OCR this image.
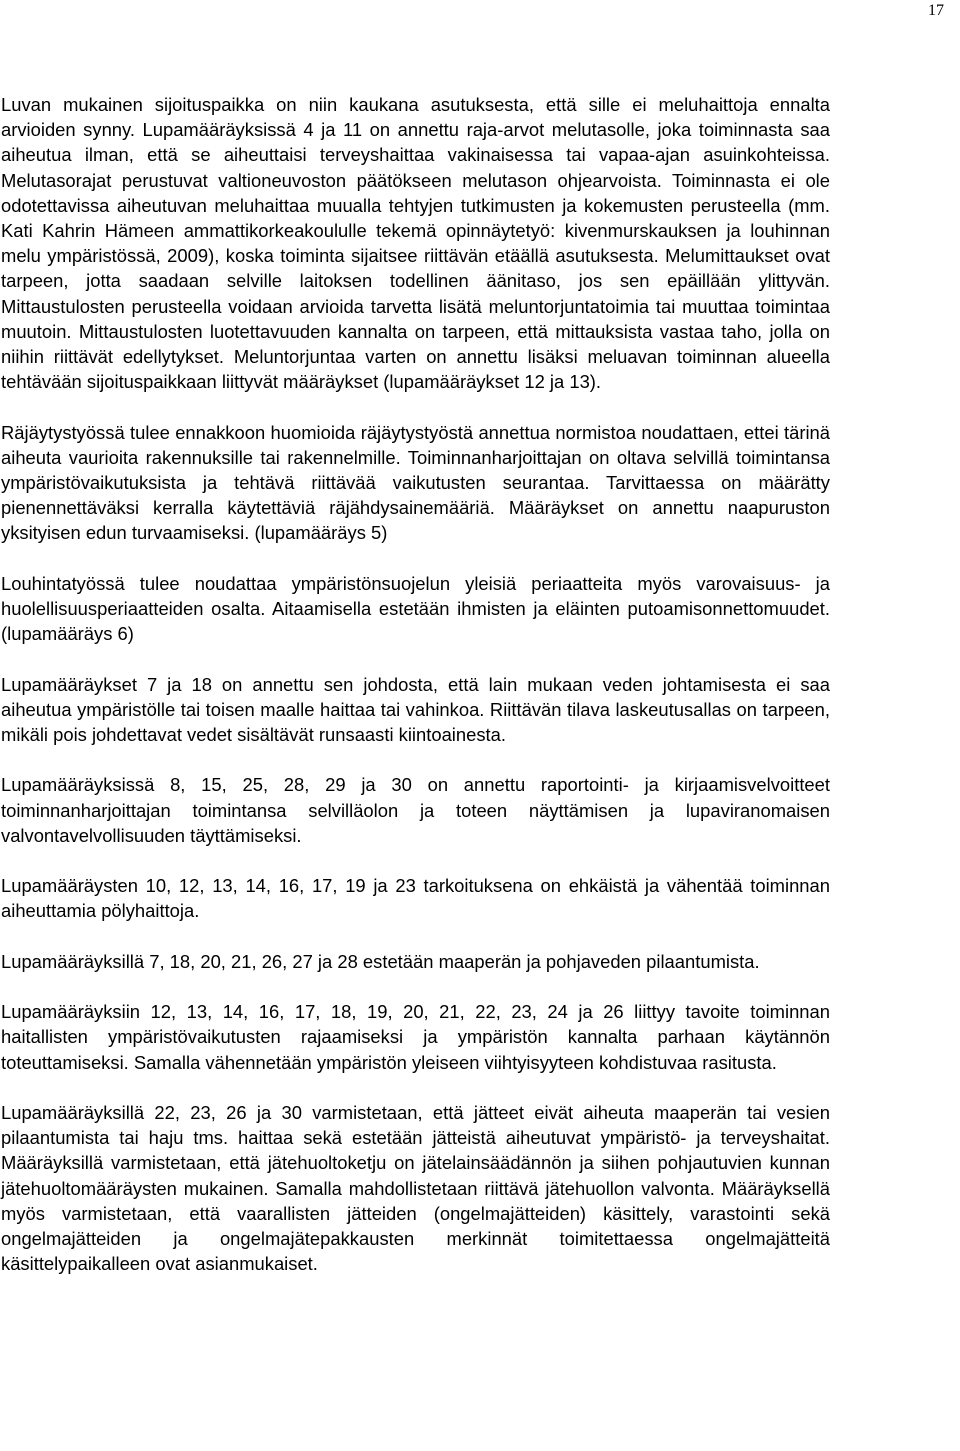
17

Luvan mukainen sijoituspaikka on niin kaukana asutuksesta, että sille ei meluhaittoja ennalta arvioiden synny. Lupamääräyksissä 4 ja 11 on annettu raja-arvot melutasolle, joka toiminnasta saa aiheutua ilman, että se aiheuttaisi terveyshaittaa vakinaisessa tai vapaa-ajan asuinkohteissa. Melutasorajat perustuvat valtioneuvoston päätökseen melutason ohjearvoista. Toiminnasta ei ole odotettavissa aiheutuvan meluhaittaa muualla tehtyjen tutkimusten ja kokemusten perusteella (mm. Kati Kahrin Hämeen ammattikorkeakoululle tekemä opinnäytetyö: kivenmurskauksen ja louhinnan melu ympäristössä, 2009), koska toiminta sijaitsee riittävän etäällä asutuksesta. Melumittaukset ovat tarpeen, jotta saadaan selville laitoksen todellinen äänitaso, jos sen epäillään ylittyvän. Mittaustulosten perusteella voidaan arvioida tarvetta lisätä meluntorjuntatoimia tai muuttaa toimintaa muutoin. Mittaustulosten luotettavuuden kannalta on tarpeen, että mittauksista vastaa taho, jolla on niihin riittävät edellytykset. Meluntorjuntaa varten on annettu lisäksi meluavan toiminnan alueella tehtävään sijoituspaikkaan liittyvät määräykset (lupamääräykset 12 ja 13).

Räjäytystyössä tulee ennakkoon huomioida räjäytystyöstä annettua normistoa noudattaen, ettei tärinä aiheuta vaurioita rakennuksille tai rakennelmille. Toiminnanharjoittajan on oltava selvillä toimintansa ympäristövaikutuksista ja tehtävä riittävää vaikutusten seurantaa. Tarvittaessa on määrätty pienennettäväksi kerralla käytettäviä räjähdysainemääriä. Määräykset on annettu naapuruston yksityisen edun turvaamiseksi. (lupamääräys 5)

Louhintatyössä tulee noudattaa ympäristönsuojelun yleisiä periaatteita myös varovaisuus- ja huolellisuusperiaatteiden osalta. Aitaamisella estetään ihmisten ja eläinten putoamisonnettomuudet. (lupamääräys 6)

Lupamääräykset 7 ja 18 on annettu sen johdosta, että lain mukaan veden johtamisesta ei saa aiheutua ympäristölle tai toisen maalle haittaa tai vahinkoa. Riittävän tilava laskeutusallas on tarpeen, mikäli pois johdettavat vedet sisältävät runsaasti kiintoainesta.

Lupamääräyksissä 8, 15, 25, 28, 29 ja 30 on annettu raportointi- ja kirjaamisvelvoitteet toiminnanharjoittajan toimintansa selvilläolon ja toteen näyttämisen ja lupaviranomaisen valvontavelvollisuuden täyttämiseksi.

Lupamääräysten 10, 12, 13, 14, 16, 17, 19 ja 23 tarkoituksena on ehkäistä ja vähentää toiminnan aiheuttamia pölyhaittoja.

Lupamääräyksillä 7, 18, 20, 21, 26, 27 ja 28 estetään maaperän ja pohjaveden pilaantumista.

Lupamääräyksiin 12, 13, 14, 16, 17, 18, 19, 20, 21, 22, 23, 24 ja 26 liittyy tavoite toiminnan haitallisten ympäristövaikutusten rajaamiseksi ja ympäristön kannalta parhaan käytännön toteuttamiseksi. Samalla vähennetään ympäristön yleiseen viihtyisyyteen kohdistuvaa rasitusta.

Lupamääräyksillä 22, 23, 26 ja 30 varmistetaan, että jätteet eivät aiheuta maaperän tai vesien pilaantumista tai haju tms. haittaa sekä estetään jätteistä aiheutuvat ympäristö- ja terveyshaitat. Määräyksillä varmistetaan, että jätehuoltoketju on jätelainsäädännön ja siihen pohjautuvien kunnan jätehuoltomääräysten mukainen. Samalla mahdollistetaan riittävä jätehuollon valvonta. Määräyksellä myös varmistetaan, että vaarallisten jätteiden (ongelmajätteiden) käsittely, varastointi sekä ongelmajätteiden ja ongelmajätepakkausten merkinnät toimitettaessa ongelmajätteitä käsittelypaikalleen ovat asianmukaiset.
